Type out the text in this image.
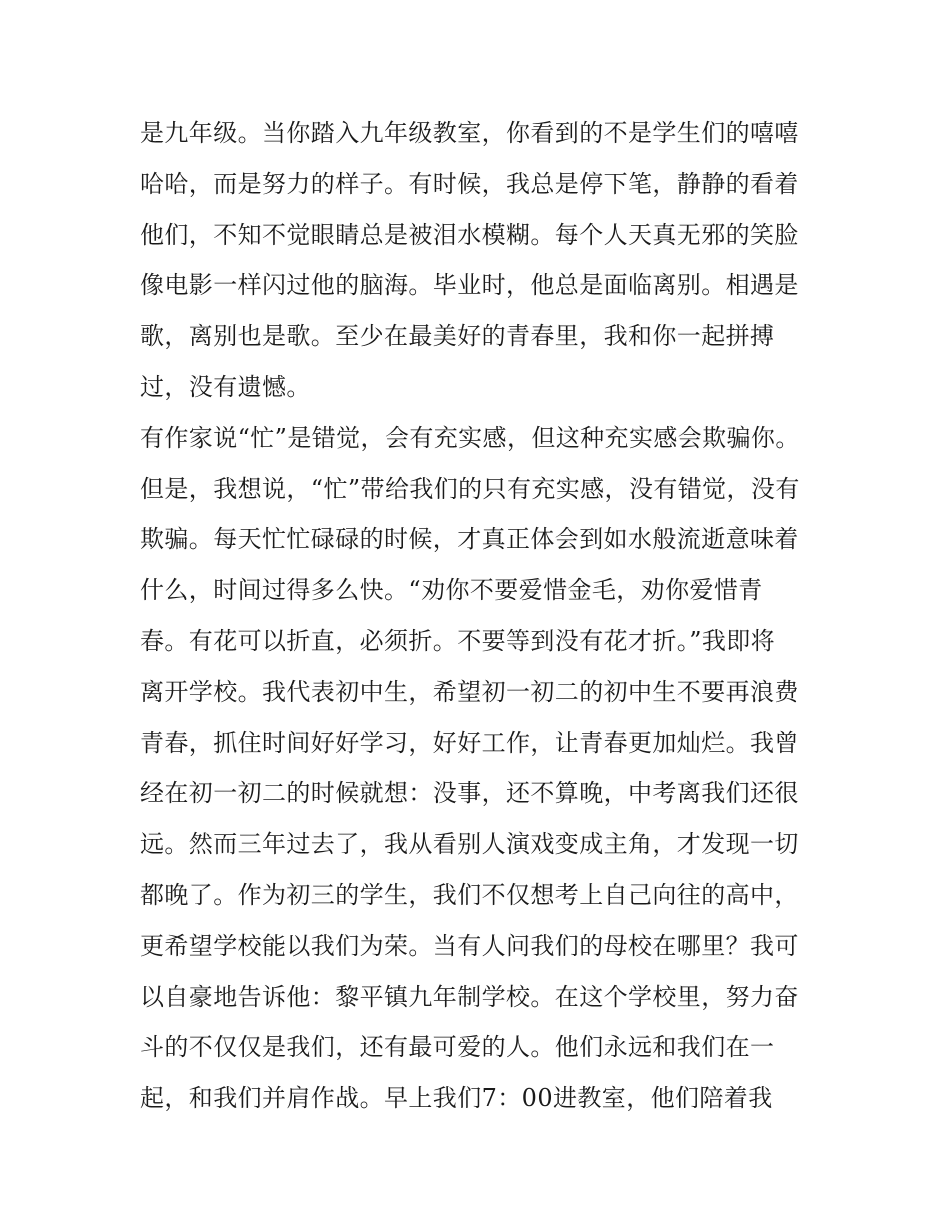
是九年级。当你踏入九年级教室，你看到的不是学生们的嘻嘻
哈哈，而是努力的样子。有时候，我总是停下笔，静静的看着
他们，不知不觉眼睛总是被泪水模糊。每个人天真无邪的笑脸
像电影一样闪过他的脑海。毕业时，他总是面临离别。相遇是
歌，离别也是歌。至少在最美好的青春里，我和你一起拼搏
过，没有遗憾。
有作家说“忙”是错觉，会有充实感，但这种充实感会欺骗你。
但是，我想说，“忙”带给我们的只有充实感，没有错觉，没有
欺骗。每天忙忙碌碌的时候，才真正体会到如水般流逝意味着
什么，时间过得多么快。“劝你不要爱惜金毛，劝你爱惜青
春。有花可以折直，必须折。不要等到没有花才折。”我即将
离开学校。我代表初中生，希望初一初二的初中生不要再浪费
青春，抓住时间好好学习，好好工作，让青春更加灿烂。我曾
经在初一初二的时候就想：没事，还不算晚，中考离我们还很
远。然而三年过去了，我从看别人演戏变成主角，才发现一切
都晚了。作为初三的学生，我们不仅想考上自己向往的高中，
更希望学校能以我们为荣。当有人问我们的母校在哪里？我可
以自豪地告诉他：黎平镇九年制学校。在这个学校里，努力奋
斗的不仅仅是我们，还有最可爱的人。他们永远和我们在一
起，和我们并肩作战。早上我们7：00进教室，他们陪着我
